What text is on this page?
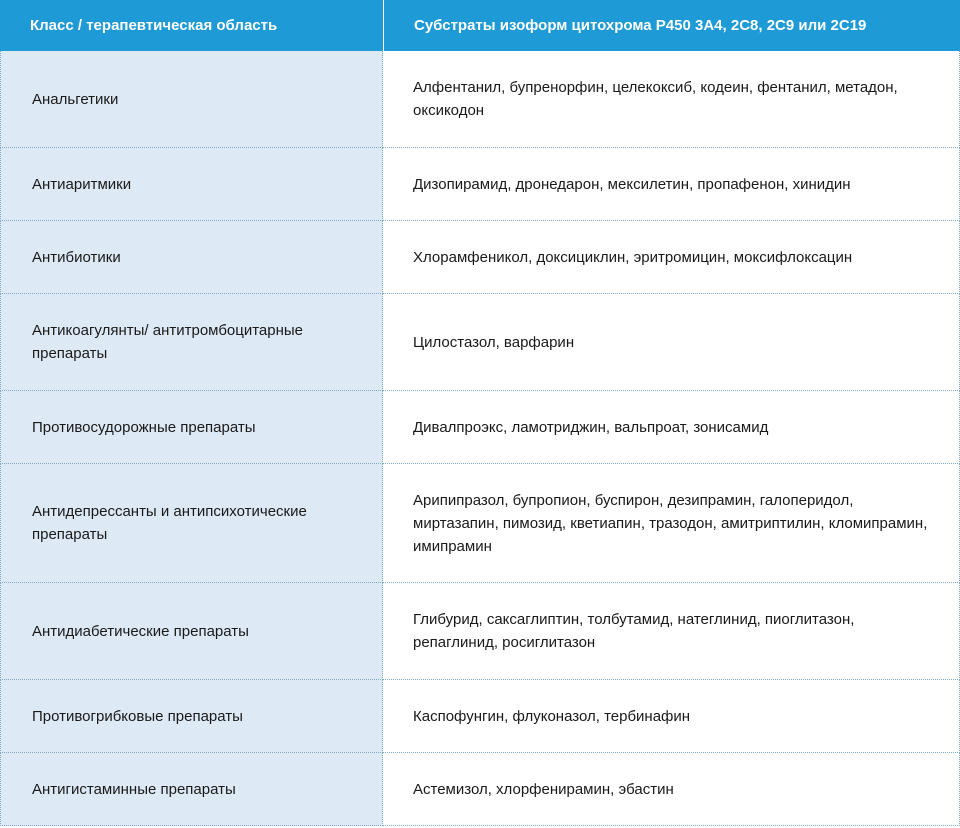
Класс / терапевтическая область	Субстраты изоформ цитохрома P450 3A4, 2C8, 2C9 или 2C19
Анальгетики	Алфентанил, бупренорфин, целекоксиб, кодеин, фентанил, метадон, оксикодон
Антиаритмики	Дизопирамид, дронедарон, мексилетин, пропафенон, хинидин
Антибиотики	Хлорамфеникол, доксициклин, эритромицин, моксифлоксацин
Антикоагулянты/ антитромбоцитарные препараты	Цилостазол, варфарин
Противосудорожные препараты	Дивалпроэкс, ламотриджин, вальпроат, зонисамид
Антидепрессанты и антипсихотические препараты	Арипипразол, бупропион, буспирон, дезипрамин, галоперидол, миртазапин, пимозид, кветиапин, тразодон, амитриптилин, кломипрамин, имипрамин
Антидиабетические препараты	Глибурид, саксаглиптин, толбутамид, натеглинид, пиоглитазон, репаглинид, росиглитазон
Противогрибковые препараты	Каспофунгин, флуконазол, тербинафин
Антигистаминные препараты	Астемизол, хлорфенирамин, эбастин
